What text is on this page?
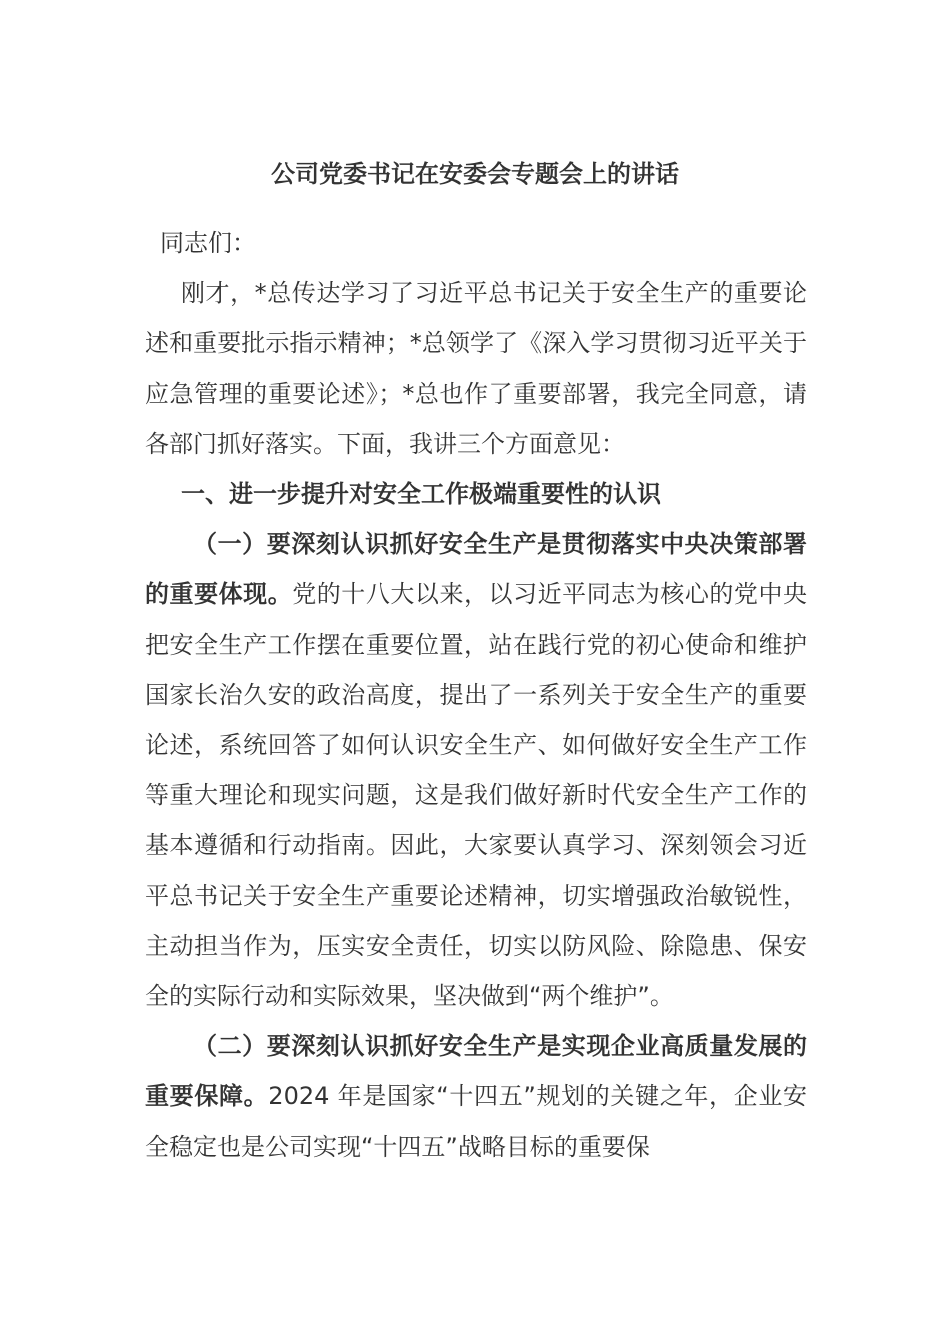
公司党委书记在安委会专题会上的讲话

同志们：

刚才，*总传达学习了习近平总书记关于安全生产的重要论述和重要批示指示精神；*总领学了《深入学习贯彻习近平关于应急管理的重要论述》；*总也作了重要部署，我完全同意，请各部门抓好落实。下面，我讲三个方面意见：

一、进一步提升对安全工作极端重要性的认识

（一）要深刻认识抓好安全生产是贯彻落实中央决策部署的重要体现。党的十八大以来，以习近平同志为核心的党中央把安全生产工作摆在重要位置，站在践行党的初心使命和维护国家长治久安的政治高度，提出了一系列关于安全生产的重要论述，系统回答了如何认识安全生产、如何做好安全生产工作等重大理论和现实问题，这是我们做好新时代安全生产工作的基本遵循和行动指南。因此，大家要认真学习、深刻领会习近平总书记关于安全生产重要论述精神，切实增强政治敏锐性，主动担当作为，压实安全责任，切实以防风险、除隐患、保安全的实际行动和实际效果，坚决做到“两个维护”。

（二）要深刻认识抓好安全生产是实现企业高质量发展的重要保障。2024 年是国家“十四五”规划的关键之年，企业安全稳定也是公司实现“十四五”战略目标的重要保
